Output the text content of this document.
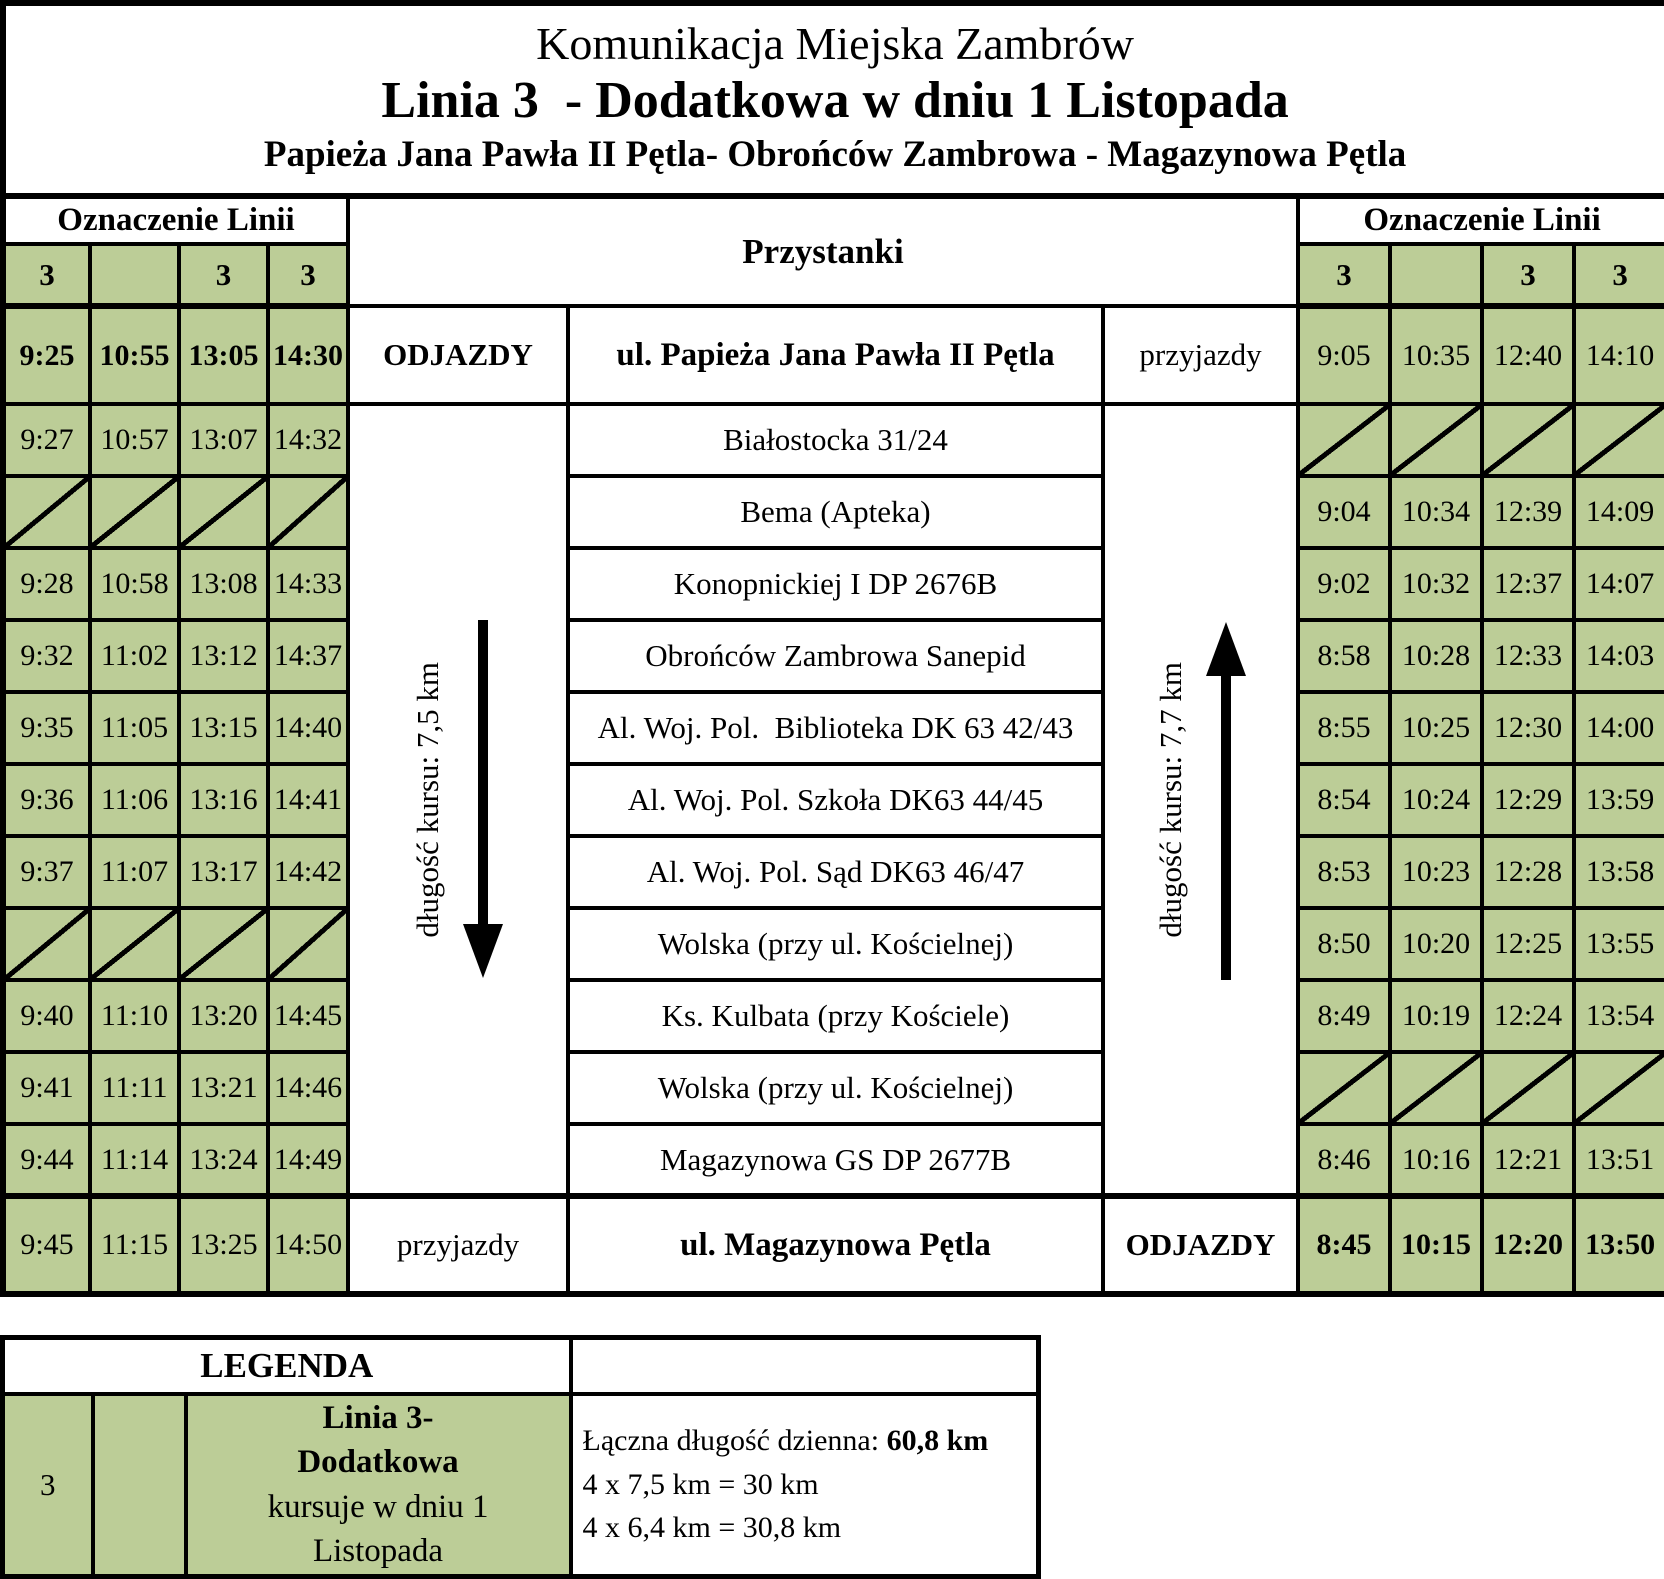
Komunikacja Miejska Zambrów
Linia 3  - Dodatkowa w dniu 1 Listopada
Papieża Jana Pawła II Pętla- Obrońców Zambrowa - Magazynowa Pętla										

Oznaczenie Linii				Przystanki			Oznaczenie Linii			
3		3	3				3		3	3
9:25	10:55	13:05	14:30	ODJAZDY	ul. Papieża Jana Pawła II Pętla	przyjazdy	9:05	10:35	12:40	14:10
9:27	10:57	13:07	14:32	długość kursu: 7,5 km	Białostocka 31/24	długość kursu: 7,7 km				

					Bema (Apteka)		9:04	10:34	12:39	14:09
9:28	10:58	13:08	14:33		Konopnickiej I DP 2676B		9:02	10:32	12:37	14:07
9:32	11:02	13:12	14:37		Obrońców Zambrowa Sanepid		8:58	10:28	12:33	14:03
9:35	11:05	13:15	14:40		Al. Woj. Pol.  Biblioteka DK 63 42/43		8:55	10:25	12:30	14:00
9:36	11:06	13:16	14:41		Al. Woj. Pol. Szkoła DK63 44/45		8:54	10:24	12:29	13:59
9:37	11:07	13:17	14:42		Al. Woj. Pol. Sąd DK63 46/47		8:53	10:23	12:28	13:58
					Wolska (przy ul. Kościelnej)		8:50	10:20	12:25	13:55
9:40	11:10	13:20	14:45		Ks. Kulbata (przy Kościele)		8:49	10:19	12:24	13:54
9:41	11:11	13:21	14:46		Wolska (przy ul. Kościelnej)					
9:44	11:14	13:24	14:49		Magazynowa GS DP 2677B		8:46	10:16	12:21	13:51
9:45	11:15	13:25	14:50	przyjazdy	ul. Magazynowa Pętla	ODJAZDY	8:45	10:15	12:20	13:50
LEGENDA			
3		
Linia 3-
Dodatkowa
kursuje w dniu 1
Listopada

Łączna długość dzienna: 60,8 km
4 x 7,5 km = 30 km
4 x 6,4 km = 30,8 km
